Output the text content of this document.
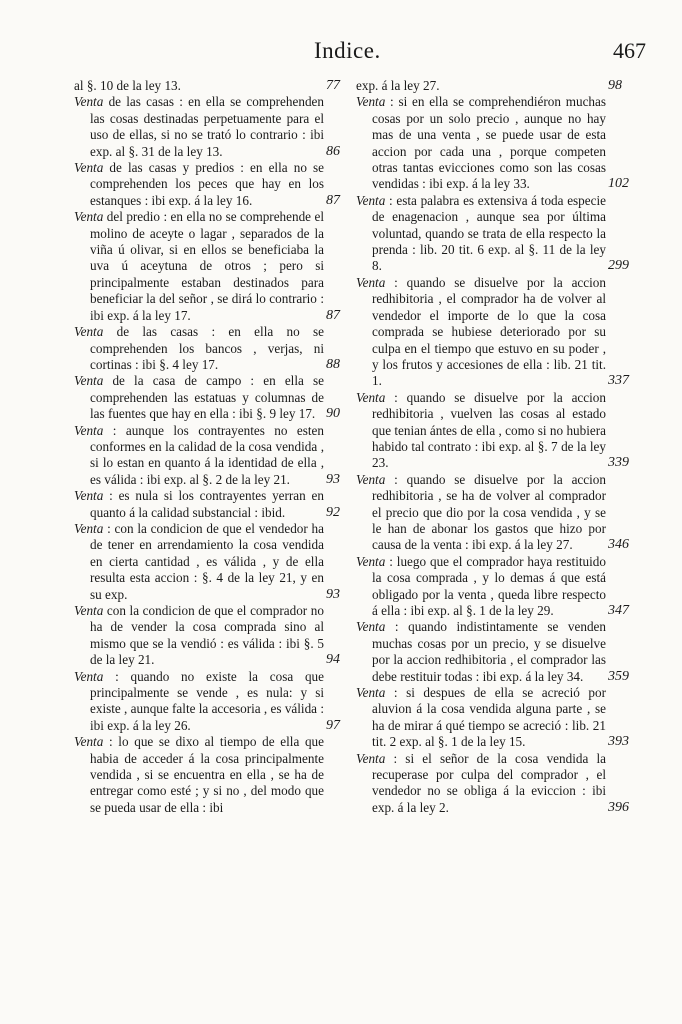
Indice.	467
al §. 10 de la ley 13.	77
Venta de las casas : en ella se comprehenden las cosas destinadas perpetuamente para el uso de ellas, si no se trató lo contrario : ibi exp. al §. 31 de la ley 13.	86
Venta de las casas y predios : en ella no se comprehenden los peces que hay en los estanques : ibi exp. á la ley 16.	87
Venta del predio : en ella no se comprehende el molino de aceyte o lagar , separados de la viña ú olivar, si en ellos se beneficiaba la uva ú aceytuna de otros ; pero si principalmente estaban destinados para beneficiar la del señor , se dirá lo contrario : ibi exp. á la ley 17.	87
Venta de las casas : en ella no se comprehenden los bancos , verjas, ni cortinas : ibi §. 4 ley 17.	88
Venta de la casa de campo : en ella se comprehenden las estatuas y columnas de las fuentes que hay en ella : ibi §. 9 ley 17. 90
Venta : aunque los contrayentes no esten conformes en la calidad de la cosa vendida , si lo estan en quanto á la identidad de ella , es válida : ibi exp. al §. 2 de la ley 21.	93
Venta : es nula si los contrayentes yerran en quanto á la calidad substancial : ibid.	92
Venta : con la condicion de que el vendedor ha de tener en arrendamiento la cosa vendida en cierta cantidad , es válida , y de ella resulta esta accion : §. 4 de la ley 21, y en su exp.	93
Venta con la condicion de que el comprador no ha de vender la cosa comprada sino al mismo que se la vendió : es válida : ibi §. 5 de la ley 21.	94
Venta : quando no existe la cosa que principalmente se vende , es nula: y si existe , aunque falte la accesoria , es válida : ibi exp. á la ley 26.	97
Venta : lo que se dixo al tiempo de ella que habia de acceder á la cosa principalmente vendida , si se encuentra en ella , se ha de entregar como esté ; y si no , del modo que se pueda usar de ella : ibi
exp. á la ley 27.	98
Venta : si en ella se comprehendiéron muchas cosas por un solo precio , aunque no hay mas de una venta , se puede usar de esta accion por cada una , porque competen otras tantas evicciones como son las cosas vendidas : ibi exp. á la ley 33.	102
Venta : esta palabra es extensiva á toda especie de enagenacion , aunque sea por última voluntad, quando se trata de ella respecto la prenda : lib. 20 tit. 6 exp. al §. 11 de la ley 8.	299
Venta : quando se disuelve por la accion redhibitoria , el comprador ha de volver al vendedor el importe de lo que la cosa comprada se hubiese deteriorado por su culpa en el tiempo que estuvo en su poder , y los frutos y accesiones de ella : lib. 21 tit. 1.	337
Venta : quando se disuelve por la accion redhibitoria , vuelven las cosas al estado que tenian ántes de ella , como si no hubiera habido tal contrato : ibi exp. al §. 7 de la ley 23.	339
Venta : quando se disuelve por la accion redhibitoria , se ha de volver al comprador el precio que dio por la cosa vendida , y se le han de abonar los gastos que hizo por causa de la venta : ibi exp. á la ley 27.	346
Venta : luego que el comprador haya restituido la cosa comprada , y lo demas á que está obligado por la venta , queda libre respecto á ella : ibi exp. al §. 1 de la ley 29.	347
Venta : quando indistintamente se venden muchas cosas por un precio, y se disuelve por la accion redhibitoria , el comprador las debe restituir todas : ibi exp. á la ley 34. 359
Venta : si despues de ella se acreció por aluvion á la cosa vendida alguna parte , se ha de mirar á qué tiempo se acreció : lib. 21 tit. 2 exp. al §. 1 de la ley 15.	393
Venta : si el señor de la cosa vendida la recuperase por culpa del comprador , el vendedor no se obliga á la eviccion : ibi exp. á la ley 2.	396
